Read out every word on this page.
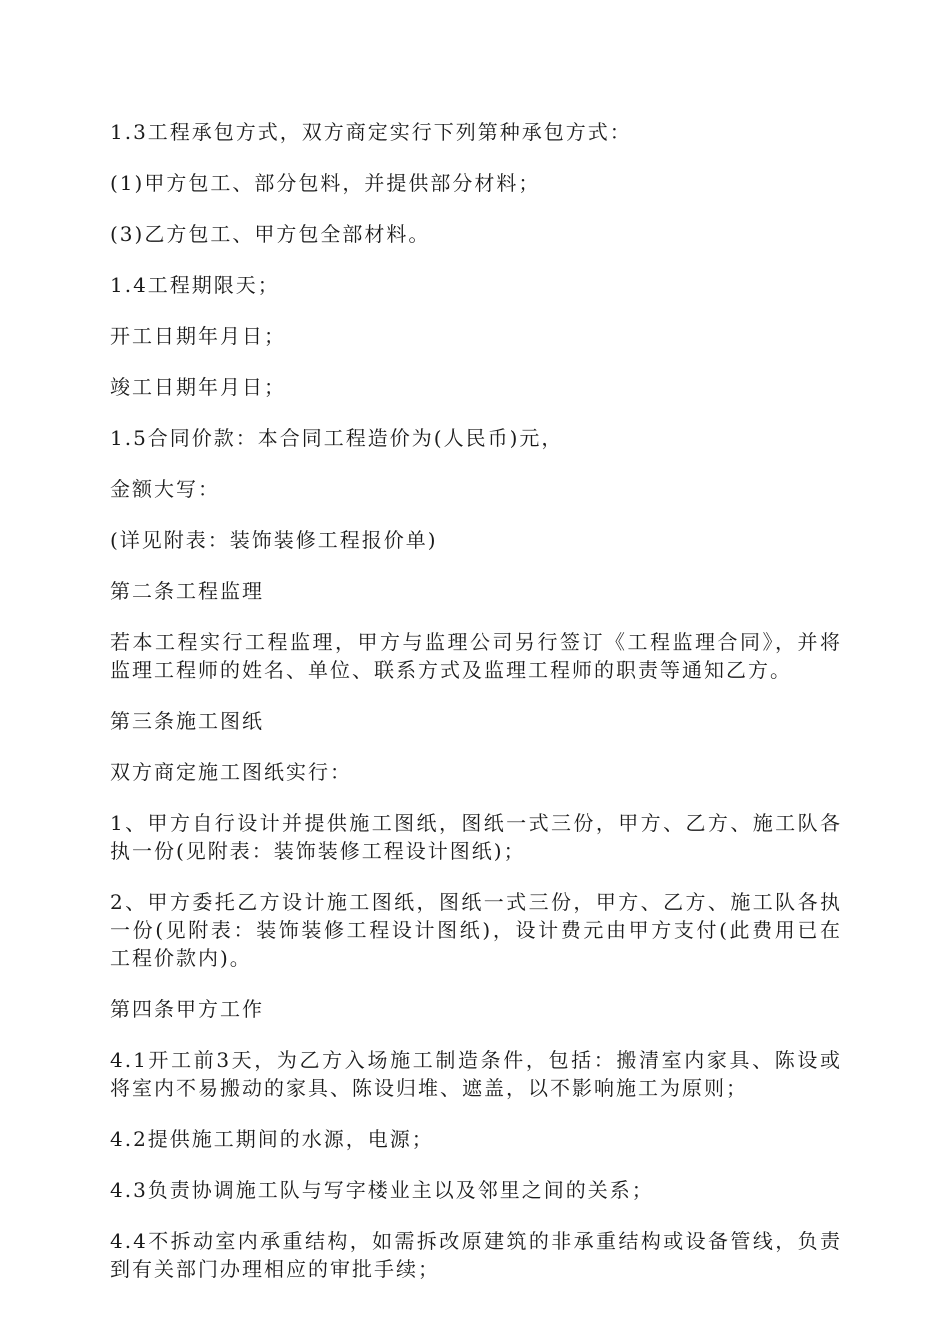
1.3工程承包方式，双方商定实行下列第种承包方式：

(1)甲方包工、部分包料，并提供部分材料；

(3)乙方包工、甲方包全部材料。

1.4工程期限天；

开工日期年月日；

竣工日期年月日；

1.5合同价款：本合同工程造价为(人民币)元，

金额大写：

(详见附表：装饰装修工程报价单)

第二条工程监理

若本工程实行工程监理，甲方与监理公司另行签订《工程监理合同》，并将监理工程师的姓名、单位、联系方式及监理工程师的职责等通知乙方。

第三条施工图纸

双方商定施工图纸实行：

1、甲方自行设计并提供施工图纸，图纸一式三份，甲方、乙方、施工队各执一份(见附表：装饰装修工程设计图纸)；

2、甲方委托乙方设计施工图纸，图纸一式三份，甲方、乙方、施工队各执一份(见附表：装饰装修工程设计图纸)，设计费元由甲方支付(此费用已在工程价款内)。

第四条甲方工作

4.1开工前3天，为乙方入场施工制造条件，包括：搬清室内家具、陈设或将室内不易搬动的家具、陈设归堆、遮盖，以不影响施工为原则；

4.2提供施工期间的水源，电源；

4.3负责协调施工队与写字楼业主以及邻里之间的关系；

4.4不拆动室内承重结构，如需拆改原建筑的非承重结构或设备管线，负责到有关部门办理相应的审批手续；
